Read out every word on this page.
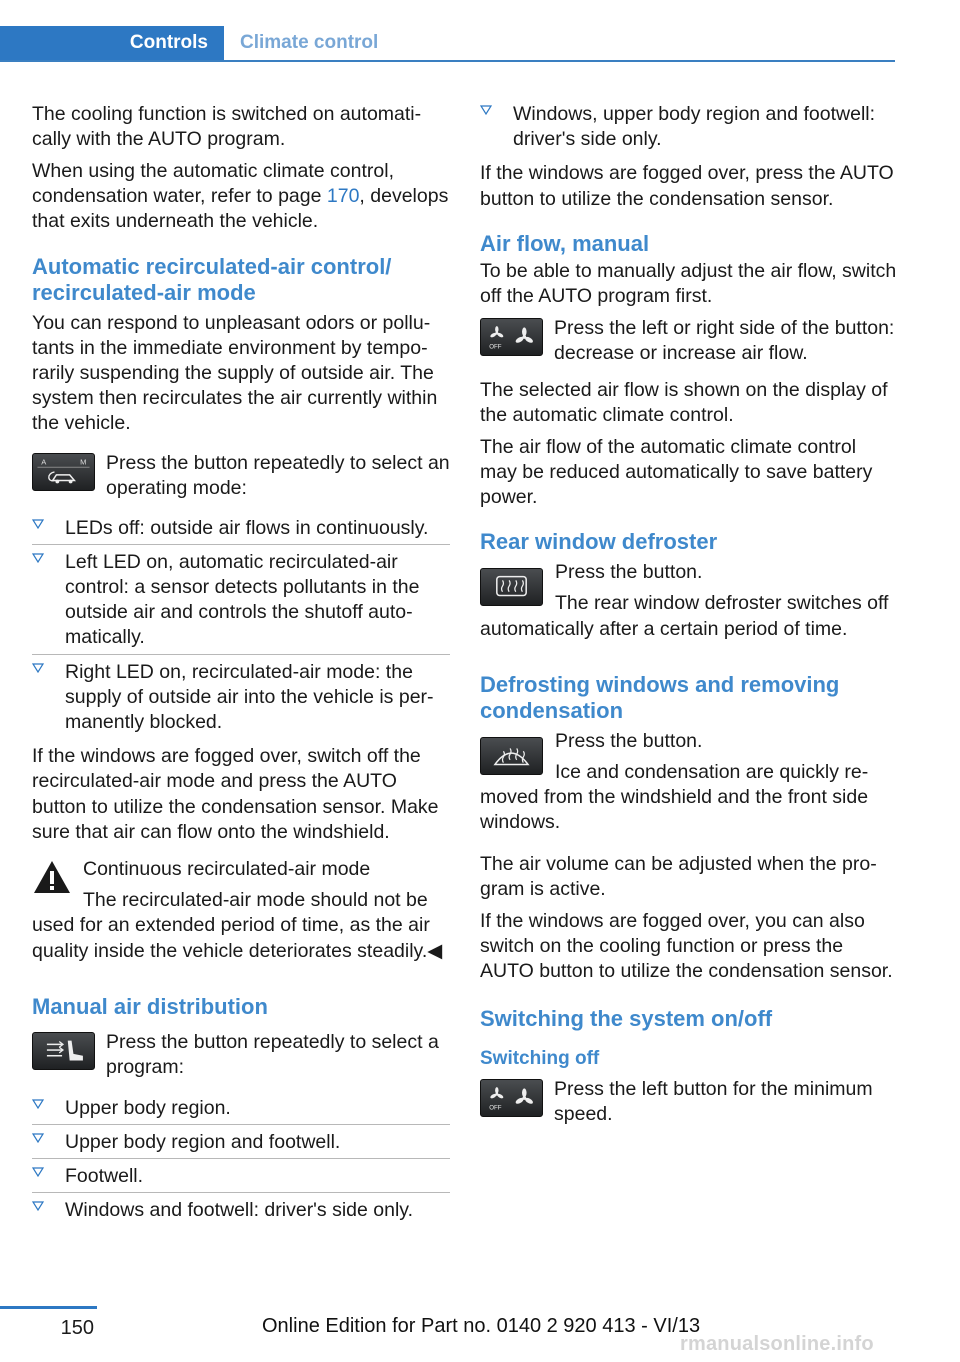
Controls	Climate control

The cooling function is switched on automatically with the AUTO program.

When using the automatic climate control, condensation water, refer to page 170, develops that exits underneath the vehicle.

Automatic recirculated-air control/ recirculated-air mode

You can respond to unpleasant odors or pollutants in the immediate environment by temporarily suspending the supply of outside air. The system then recirculates the air currently within the vehicle.

A	M Press the button repeatedly to select an operating mode:
LEDs off: outside air flows in continuously.
Left LED on, automatic recirculated-air control: a sensor detects pollutants in the outside air and controls the shutoff automatically.
Right LED on, recirculated-air mode: the supply of outside air into the vehicle is permanently blocked.

If the windows are fogged over, switch off the recirculated-air mode and press the AUTO button to utilize the condensation sensor. Make sure that air can flow onto the windshield.

Continuous recirculated-air mode
The recirculated-air mode should not be used for an extended period of time, as the air quality inside the vehicle deteriorates steadily.◀
Manual air distribution
Press the button repeatedly to select a program:
Upper body region.
Upper body region and footwell.
Footwell.
Windows and footwell: driver's side only.
Windows, upper body region and footwell: driver's side only.

If the windows are fogged over, press the AUTO button to utilize the condensation sensor.

Air flow, manual

To be able to manually adjust the air flow, switch off the AUTO program first.

OFF
Press the left or right side of the button: decrease or increase air flow.

The selected air flow is shown on the display of the automatic climate control.

The air flow of the automatic climate control may be reduced automatically to save battery power.

Rear window defroster
Press the button.
The rear window defroster switches off automatically after a certain period of time.
Defrosting windows and removing condensation
Press the button.
Ice and condensation are quickly removed from the windshield and the front side windows.

The air volume can be adjusted when the program is active.

If the windows are fogged over, you can also switch on the cooling function or press the AUTO button to utilize the condensation sensor.

Switching the system on/off
Switching off
OFF
Press the left button for the minimum speed.
150	Online Edition for Part no. 0140 2 920 413 - VI/13
rmanualsonline.info
